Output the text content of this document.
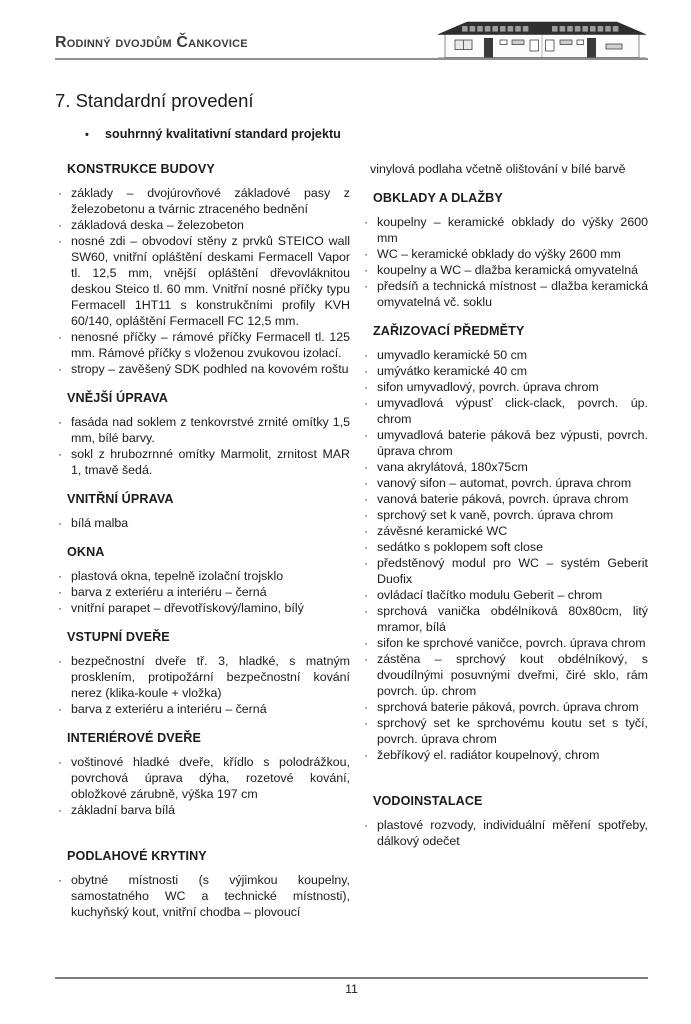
Rodinný dvojdům Čankovice
7. Standardní provedení
•	souhrnný kvalitativní standard projektu
KONSTRUKCE BUDOVY
· základy – dvojúrovňové základové pasy z železobetonu a tvárnic ztraceného bednění
· základová deska – železobeton
· nosné zdi – obvodoví stěny z prvků STEICO wall SW60, vnitřní opláštění deskami Fermacell Vapor tl. 12,5 mm, vnější opláštění dřevovláknitou deskou Steico tl. 60 mm. Vnitřní nosné příčky typu Fermacell 1HT11 s konstrukčními profily KVH 60/140, opláštění Fermacell FC 12,5 mm.
· nenosné příčky – rámové příčky Fermacell tl. 125 mm. Rámové příčky s vloženou zvukovou izolací.
· stropy – zavěšený SDK podhled na kovovém roštu
VNĚJŠÍ ÚPRAVA
· fasáda nad soklem z tenkovrstvé zrnité omítky 1,5 mm, bílé barvy.
· sokl z hrubozrnné omítky Marmolit, zrnitost MAR 1, tmavě šedá.
VNITŘNÍ ÚPRAVA
· bílá malba
OKNA
· plastová okna, tepelně izolační trojsklo
· barva z exteriéru a interiéru – černá
· vnitřní parapet – dřevotřískový/lamino, bílý
VSTUPNÍ DVEŘE
· bezpečnostní dveře tř. 3, hladké, s matným prosklením, protipožární bezpečnostní kování nerez (klika-koule + vložka)
· barva z exteriéru a interiéru – černá
INTERIÉROVÉ DVEŘE
· voštinové hladké dveře, křídlo s polodrážkou, povrchová úprava dýha, rozetové kování, obložkové zárubně, výška 197 cm
· základní barva bílá
PODLAHOVÉ KRYTINY
· obytné místnosti (s výjimkou koupelny, samostatného WC a technické místnosti), kuchyňský kout, vnitřní chodba – plovoucí
vinylová podlaha včetně olištování v bílé barvě
OBKLADY A DLAŽBY
· koupelny – keramické obklady do výšky 2600 mm
· WC – keramické obklady do výšky 2600 mm
· koupelny a WC – dlažba keramická omyvatelná
· předsíň a technická místnost – dlažba keramická omyvatelná vč. soklu
ZAŘIZOVACÍ PŘEDMĚTY
· umyvadlo keramické 50 cm
· umývátko keramické 40 cm
· sifon umyvadlový, povrch. úprava chrom
· umyvadlová výpusť click-clack, povrch. úp. chrom
· umyvadlová baterie páková bez výpusti, povrch. úprava chrom
· vana akrylátová, 180x75cm
· vanový sifon – automat, povrch. úprava chrom
· vanová baterie páková, povrch. úprava chrom
· sprchový set k vaně, povrch. úprava chrom
· závěsné keramické WC
· sedátko s poklopem soft close
· předstěnový modul pro WC – systém Geberit Duofix
· ovládací tlačítko modulu Geberit – chrom
· sprchová vanička obdélníková 80x80cm, litý mramor, bílá
· sifon ke sprchové vaničce, povrch. úprava chrom
· zástěna – sprchový kout obdélníkový, s dvoudílnými posuvnými dveřmi, čiré sklo, rám povrch. úp. chrom
· sprchová baterie páková, povrch. úprava chrom
· sprchový set ke sprchovému koutu set s tyčí, povrch. úprava chrom
· žebříkový el. radiátor koupelnový, chrom
VODOINSTALACE
· plastové rozvody, individuální měření spotřeby, dálkový odečet
11
